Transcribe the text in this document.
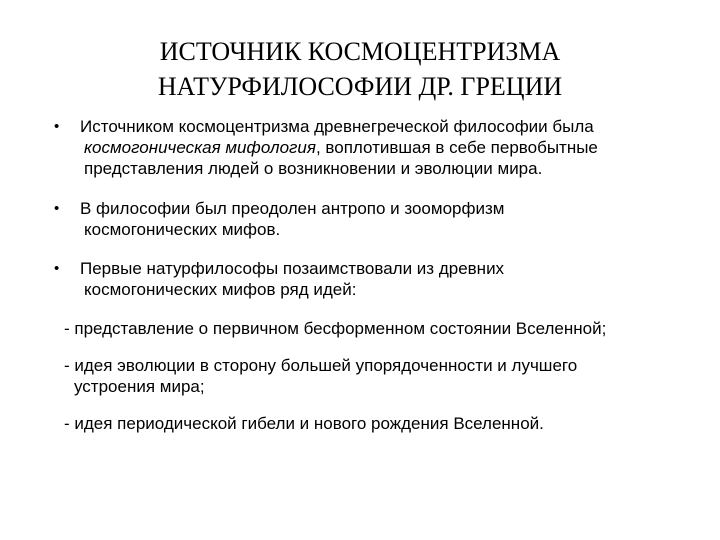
ИСТОЧНИК КОСМОЦЕНТРИЗМА
НАТУРФИЛОСОФИИ ДР. ГРЕЦИИ
•	Источником космоцентризма древнегреческой философии была
космогоническая мифология, воплотившая в себе первобытные
представления людей о возникновении и эволюции мира.
•	В философии был преодолен антропо и зооморфизм
космогонических мифов.
•	Первые натурфилософы позаимствовали из древних
космогонических мифов ряд идей:
- представление о первичном бесформенном состоянии Вселенной;
- идея эволюции в сторону большей упорядоченности и лучшего
устроения мира;
- идея периодической гибели и нового рождения Вселенной.
